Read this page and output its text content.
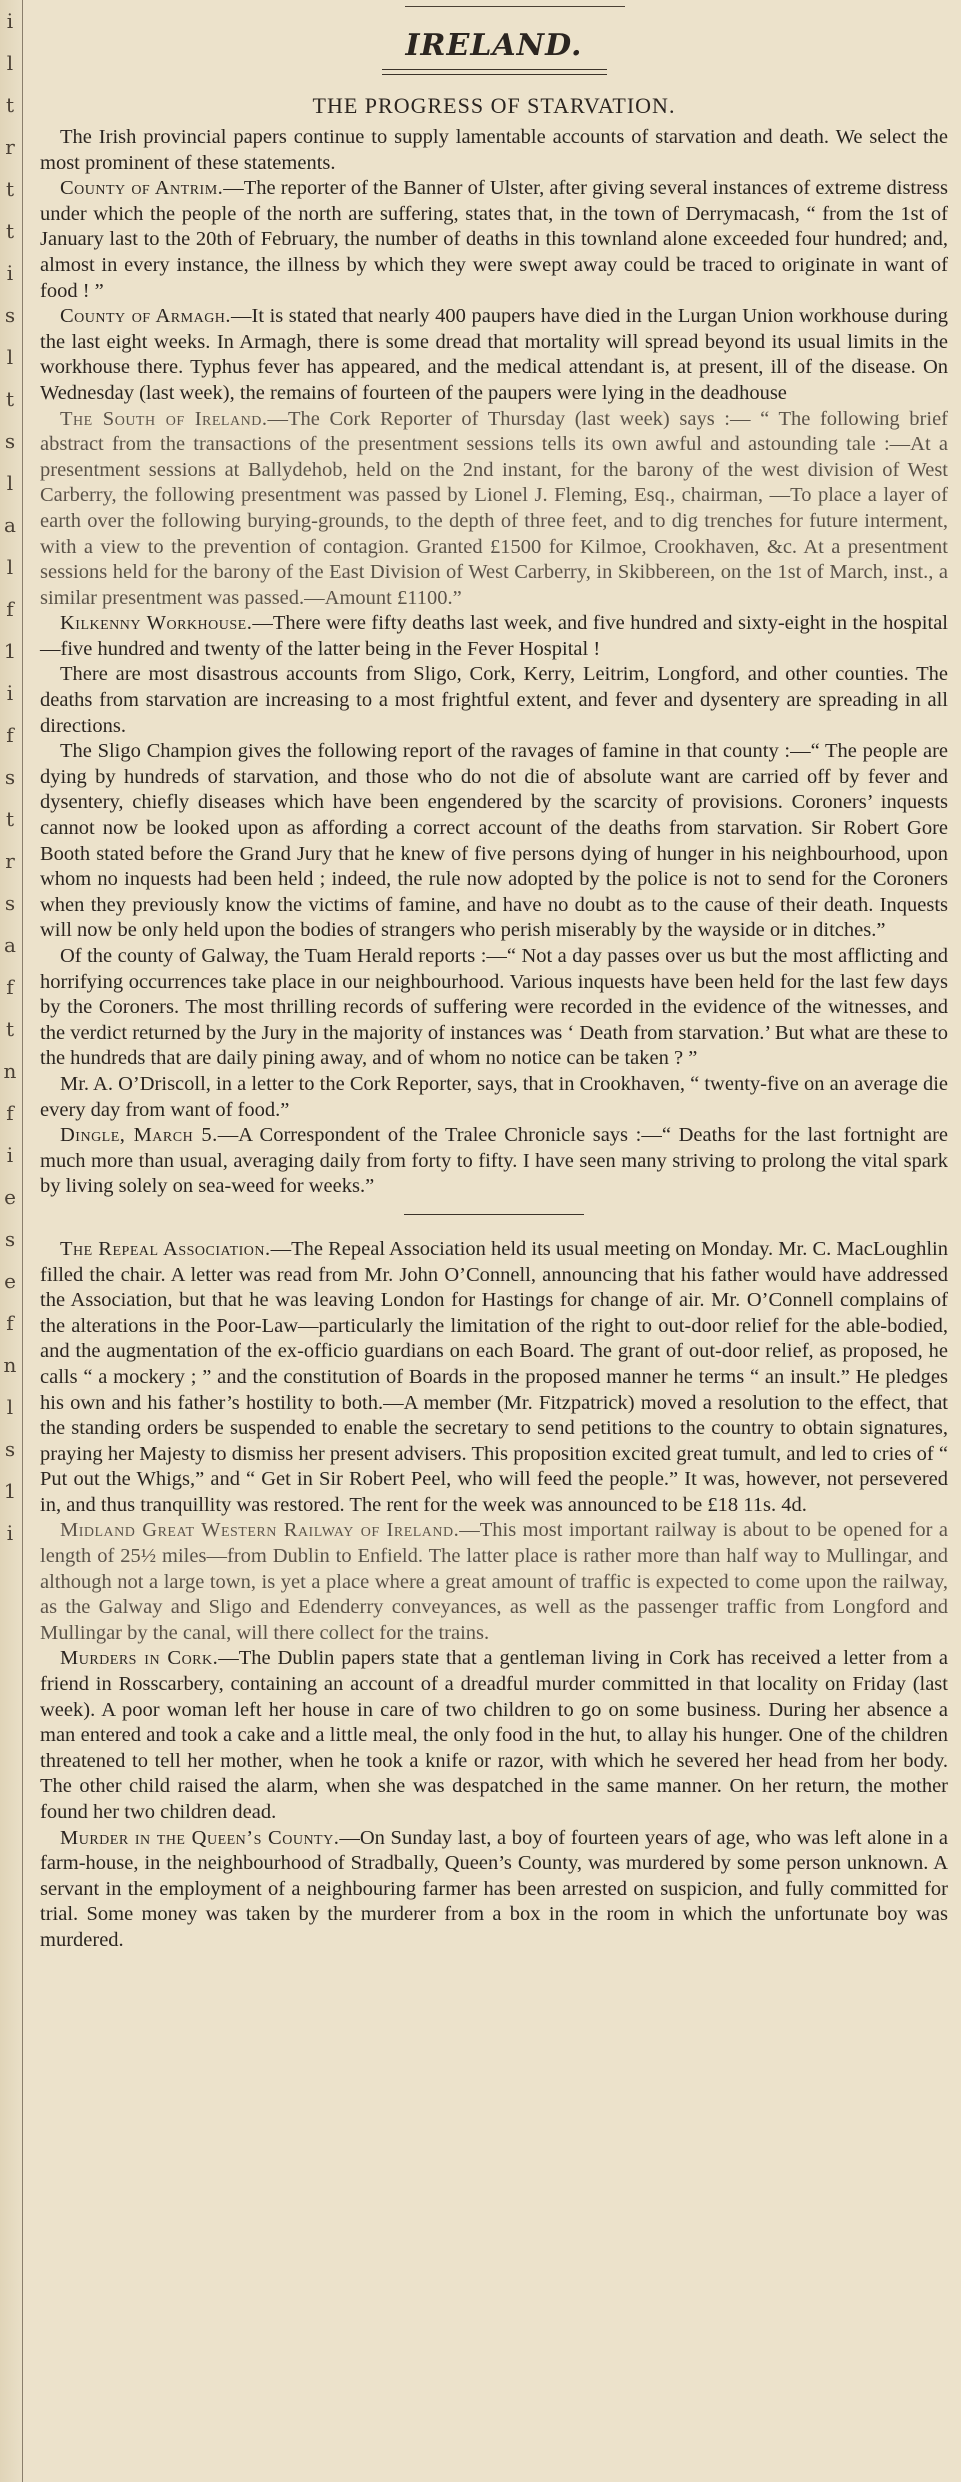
i
l
t
r
t
t
i
s
l
t
s
l
a
l
f
1
i
f
s
t
r
s
a
f
t
n
f
i
e
s
e
f
n
l
s
1
i
IRELAND.
THE PROGRESS OF STARVATION.

The Irish provincial papers continue to supply lamentable accounts of starvation and death. We select the most prominent of these statements.

County of Antrim.—The reporter of the Banner of Ulster, after giving several instances of extreme distress under which the people of the north are suffering, states that, in the town of Derrymacash, “ from the 1st of January last to the 20th of February, the number of deaths in this townland alone exceeded four hundred; and, almost in every instance, the illness by which they were swept away could be traced to originate in want of food ! ”

County of Armagh.—It is stated that nearly 400 paupers have died in the Lurgan Union workhouse during the last eight weeks. In Armagh, there is some dread that mortality will spread beyond its usual limits in the workhouse there. Typhus fever has appeared, and the medical attendant is, at present, ill of the disease. On Wednesday (last week), the remains of fourteen of the paupers were lying in the deadhouse

The South of Ireland.—The Cork Reporter of Thursday (last week) says :— “ The following brief abstract from the transactions of the presentment sessions tells its own awful and astounding tale :—At a presentment sessions at Ballydehob, held on the 2nd instant, for the barony of the west division of West Carberry, the following presentment was passed by Lionel J. Fleming, Esq., chairman, —To place a layer of earth over the following burying-grounds, to the depth of three feet, and to dig trenches for future interment, with a view to the prevention of contagion. Granted £1500 for Kilmoe, Crookhaven, &c. At a presentment sessions held for the barony of the East Division of West Carberry, in Skibbereen, on the 1st of March, inst., a similar presentment was passed.—Amount £1100.”

Kilkenny Workhouse.—There were fifty deaths last week, and five hundred and sixty-eight in the hospital—five hundred and twenty of the latter being in the Fever Hospital !

There are most disastrous accounts from Sligo, Cork, Kerry, Leitrim, Longford, and other counties. The deaths from starvation are increasing to a most frightful extent, and fever and dysentery are spreading in all directions.

The Sligo Champion gives the following report of the ravages of famine in that county :—“ The people are dying by hundreds of starvation, and those who do not die of absolute want are carried off by fever and dysentery, chiefly diseases which have been engendered by the scarcity of provisions. Coroners’ inquests cannot now be looked upon as affording a correct account of the deaths from starvation. Sir Robert Gore Booth stated before the Grand Jury that he knew of five persons dying of hunger in his neighbourhood, upon whom no inquests had been held ; indeed, the rule now adopted by the police is not to send for the Coroners when they previously know the victims of famine, and have no doubt as to the cause of their death. Inquests will now be only held upon the bodies of strangers who perish miserably by the wayside or in ditches.”

Of the county of Galway, the Tuam Herald reports :—“ Not a day passes over us but the most afflicting and horrifying occurrences take place in our neighbourhood. Various inquests have been held for the last few days by the Coroners. The most thrilling records of suffering were recorded in the evidence of the witnesses, and the verdict returned by the Jury in the majority of instances was ‘ Death from starvation.’ But what are these to the hundreds that are daily pining away, and of whom no notice can be taken ? ”

Mr. A. O’Driscoll, in a letter to the Cork Reporter, says, that in Crookhaven, “ twenty-five on an average die every day from want of food.”

Dingle, March 5.—A Correspondent of the Tralee Chronicle says :—“ Deaths for the last fortnight are much more than usual, averaging daily from forty to fifty. I have seen many striving to prolong the vital spark by living solely on sea-weed for weeks.”

The Repeal Association.—The Repeal Association held its usual meeting on Monday. Mr. C. MacLoughlin filled the chair. A letter was read from Mr. John O’Connell, announcing that his father would have addressed the Association, but that he was leaving London for Hastings for change of air. Mr. O’Connell complains of the alterations in the Poor-Law—particularly the limitation of the right to out-door relief for the able-bodied, and the augmentation of the ex-officio guardians on each Board. The grant of out-door relief, as proposed, he calls “ a mockery ; ” and the constitution of Boards in the proposed manner he terms “ an insult.” He pledges his own and his father’s hostility to both.—A member (Mr. Fitzpatrick) moved a resolution to the effect, that the standing orders be suspended to enable the secretary to send petitions to the country to obtain signatures, praying her Majesty to dismiss her present advisers. This proposition excited great tumult, and led to cries of “ Put out the Whigs,” and “ Get in Sir Robert Peel, who will feed the people.” It was, however, not persevered in, and thus tranquillity was restored. The rent for the week was announced to be £18 11s. 4d.

Midland Great Western Railway of Ireland.—This most important railway is about to be opened for a length of 25½ miles—from Dublin to Enfield. The latter place is rather more than half way to Mullingar, and although not a large town, is yet a place where a great amount of traffic is expected to come upon the railway, as the Galway and Sligo and Edenderry conveyances, as well as the passenger traffic from Longford and Mullingar by the canal, will there collect for the trains.

Murders in Cork.—The Dublin papers state that a gentleman living in Cork has received a letter from a friend in Rosscarbery, containing an account of a dreadful murder committed in that locality on Friday (last week). A poor woman left her house in care of two children to go on some business. During her absence a man entered and took a cake and a little meal, the only food in the hut, to allay his hunger. One of the children threatened to tell her mother, when he took a knife or razor, with which he severed her head from her body. The other child raised the alarm, when she was despatched in the same manner. On her return, the mother found her two children dead.

Murder in the Queen’s County.—On Sunday last, a boy of fourteen years of age, who was left alone in a farm-house, in the neighbourhood of Stradbally, Queen’s County, was murdered by some person unknown. A servant in the employment of a neighbouring farmer has been arrested on suspicion, and fully committed for trial. Some money was taken by the murderer from a box in the room in which the unfortunate boy was murdered.
